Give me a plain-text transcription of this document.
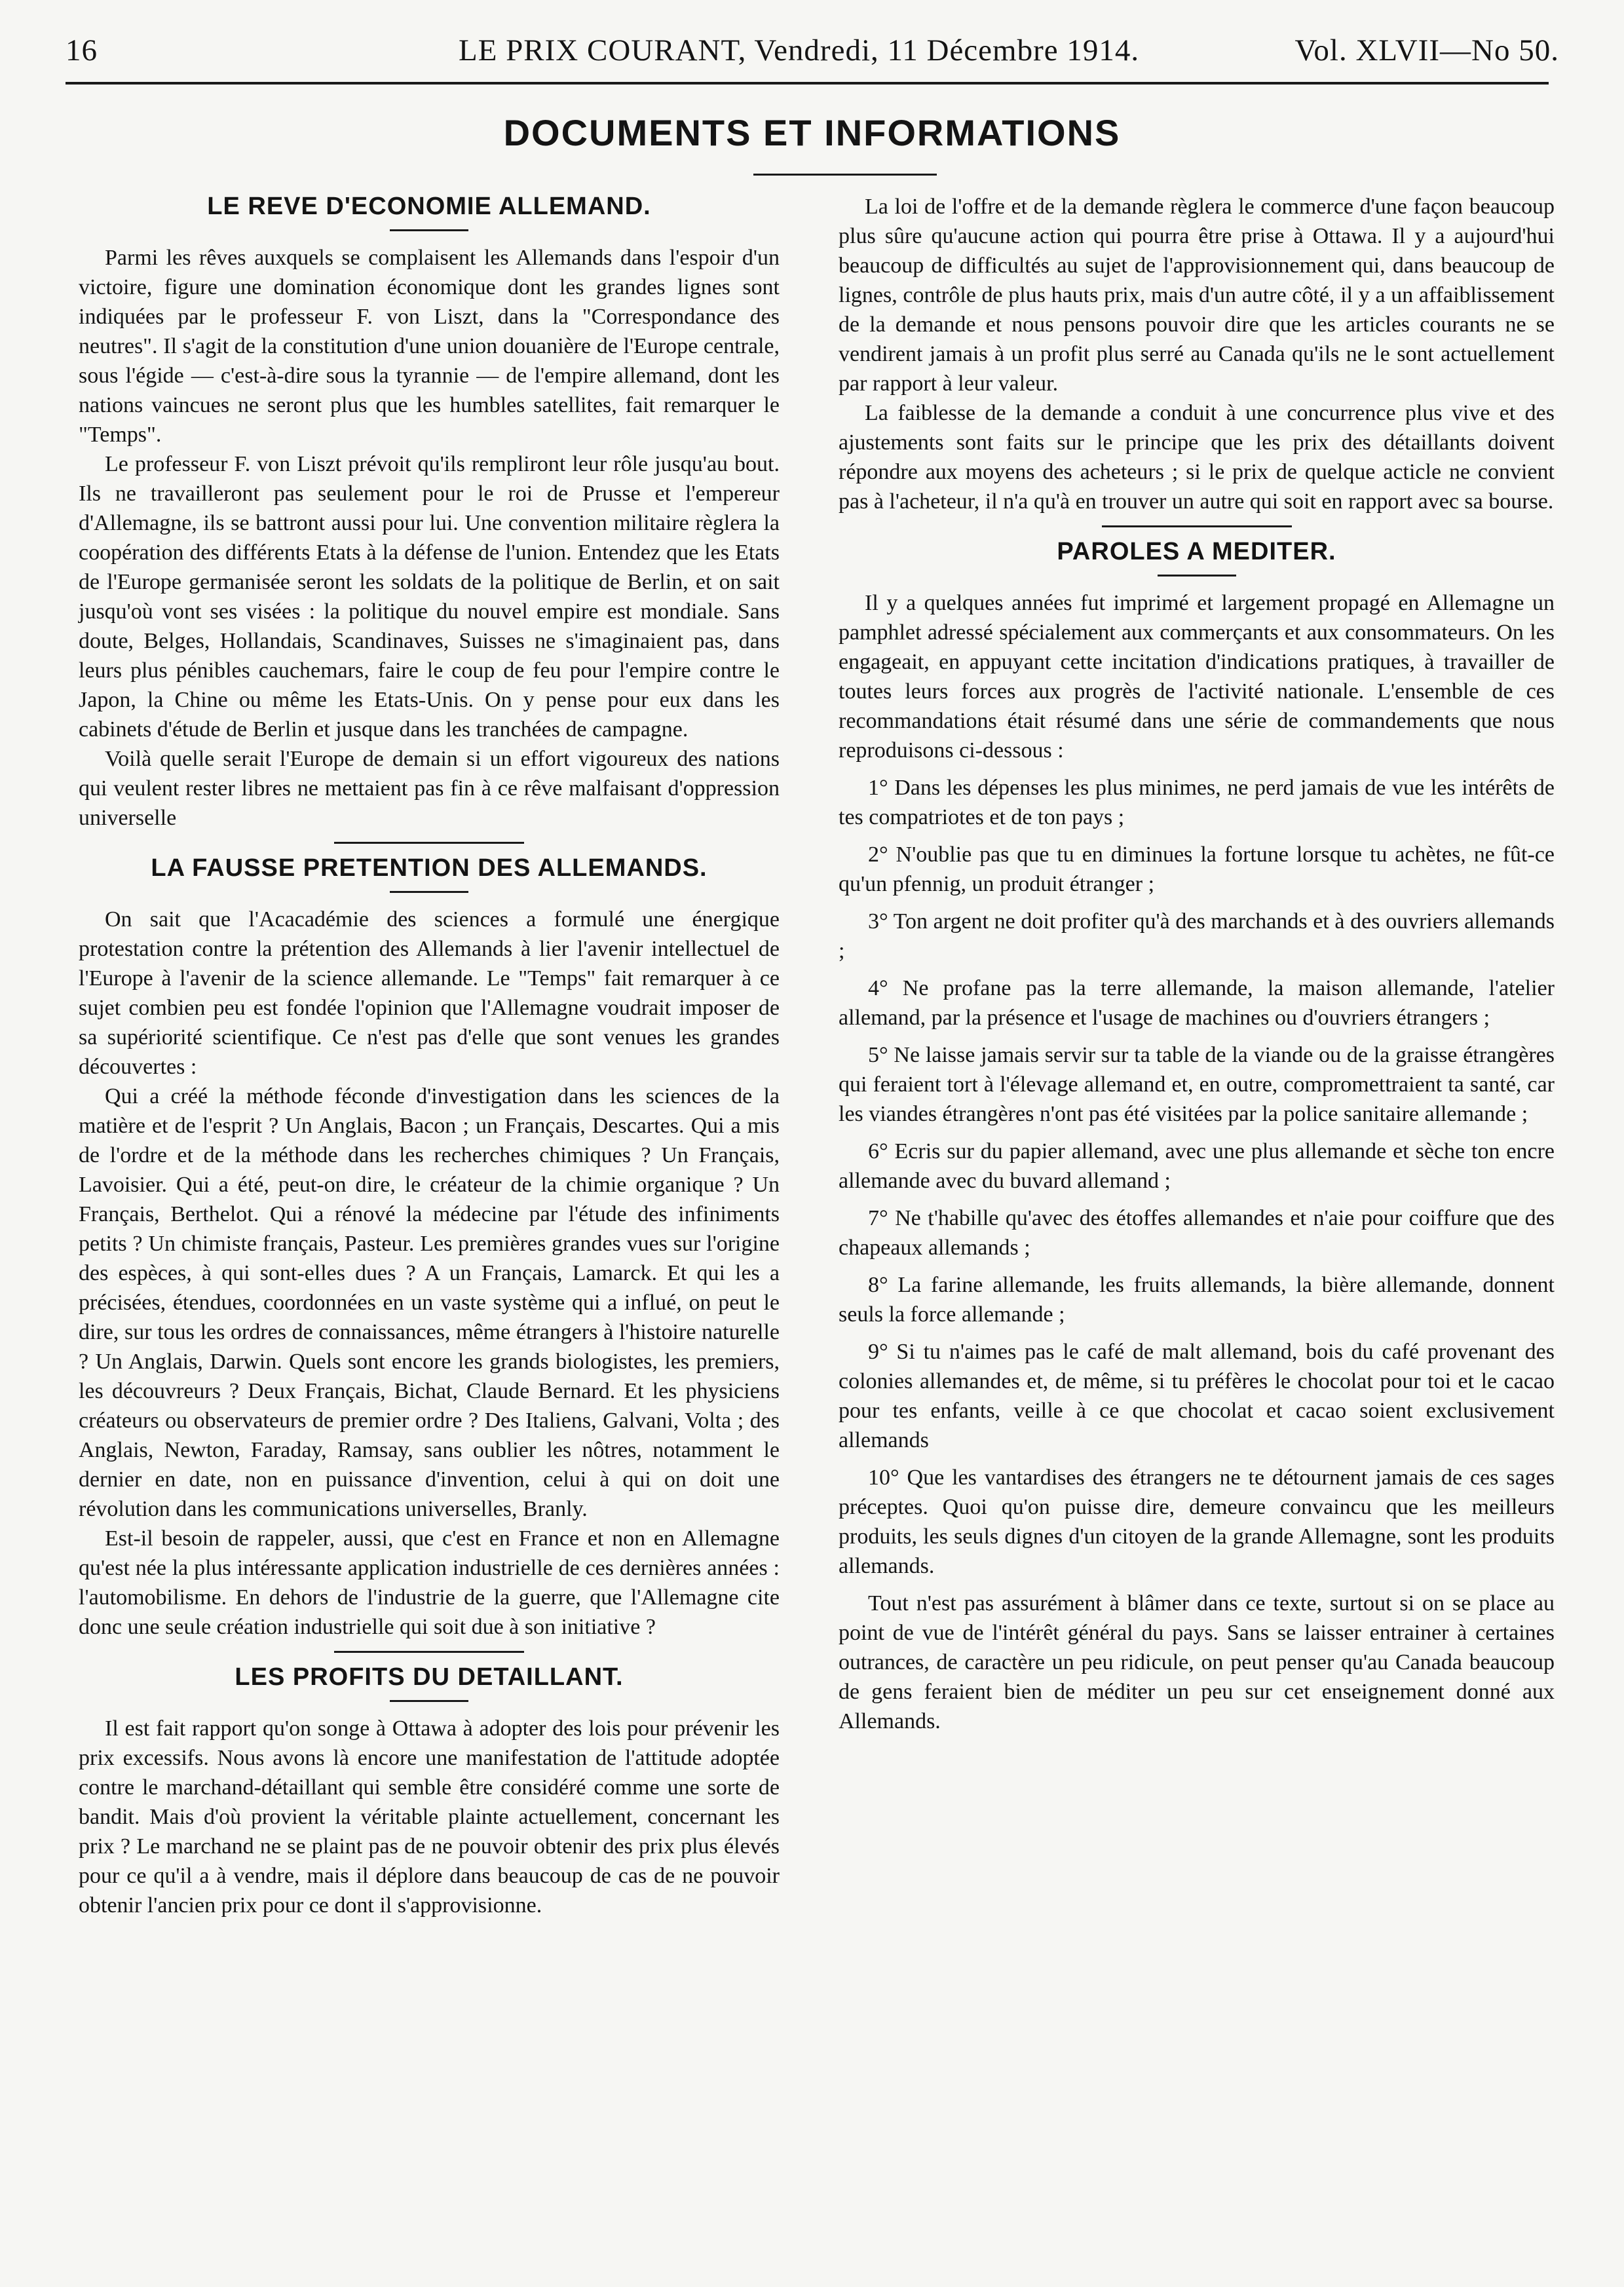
16	LE PRIX COURANT, Vendredi, 11 Décembre 1914.	Vol. XLVII—No 50.
DOCUMENTS ET INFORMATIONS
LE REVE D'ECONOMIE ALLEMAND.

Parmi les rêves auxquels se complaisent les Allemands dans l'espoir d'un victoire, figure une domination économique dont les grandes lignes sont indiquées par le professeur F. von Liszt, dans la "Correspondance des neutres". Il s'agit de la constitution d'une union douanière de l'Europe centrale, sous l'égide — c'est-à-dire sous la tyrannie — de l'empire allemand, dont les nations vaincues ne seront plus que les humbles satellites, fait remarquer le "Temps".

Le professeur F. von Liszt prévoit qu'ils rempliront leur rôle jusqu'au bout. Ils ne travailleront pas seulement pour le roi de Prusse et l'empereur d'Allemagne, ils se battront aussi pour lui. Une convention militaire règlera la coopération des différents Etats à la défense de l'union. Entendez que les Etats de l'Europe germanisée seront les soldats de la politique de Berlin, et on sait jusqu'où vont ses visées : la politique du nouvel empire est mondiale. Sans doute, Belges, Hollandais, Scandinaves, Suisses ne s'imaginaient pas, dans leurs plus pénibles cauchemars, faire le coup de feu pour l'empire contre le Japon, la Chine ou même les Etats-Unis. On y pense pour eux dans les cabinets d'étude de Berlin et jusque dans les tranchées de campagne.

Voilà quelle serait l'Europe de demain si un effort vigoureux des nations qui veulent rester libres ne mettaient pas fin à ce rêve malfaisant d'oppression universelle

LA FAUSSE PRETENTION DES ALLEMANDS.

On sait que l'Acacadémie des sciences a formulé une énergique protestation contre la prétention des Allemands à lier l'avenir intellectuel de l'Europe à l'avenir de la science allemande. Le "Temps" fait remarquer à ce sujet combien peu est fondée l'opinion que l'Allemagne voudrait imposer de sa supériorité scientifique. Ce n'est pas d'elle que sont venues les grandes découvertes :

Qui a créé la méthode féconde d'investigation dans les sciences de la matière et de l'esprit ? Un Anglais, Bacon ; un Français, Descartes. Qui a mis de l'ordre et de la méthode dans les recherches chimiques ? Un Français, Lavoisier. Qui a été, peut-on dire, le créateur de la chimie organique ? Un Français, Berthelot. Qui a rénové la médecine par l'étude des infiniments petits ? Un chimiste français, Pasteur. Les premières grandes vues sur l'origine des espèces, à qui sont-elles dues ? A un Français, Lamarck. Et qui les a précisées, étendues, coordonnées en un vaste système qui a influé, on peut le dire, sur tous les ordres de connaissances, même étrangers à l'histoire naturelle ? Un Anglais, Darwin. Quels sont encore les grands biologistes, les premiers, les découvreurs ? Deux Français, Bichat, Claude Bernard. Et les physiciens créateurs ou observateurs de premier ordre ? Des Italiens, Galvani, Volta ; des Anglais, Newton, Faraday, Ramsay, sans oublier les nôtres, notamment le dernier en date, non en puissance d'invention, celui à qui on doit une révolution dans les communications universelles, Branly.

Est-il besoin de rappeler, aussi, que c'est en France et non en Allemagne qu'est née la plus intéressante application industrielle de ces dernières années : l'automobilisme. En dehors de l'industrie de la guerre, que l'Allemagne cite donc une seule création industrielle qui soit due à son initiative ?

LES PROFITS DU DETAILLANT.

Il est fait rapport qu'on songe à Ottawa à adopter des lois pour prévenir les prix excessifs. Nous avons là encore une manifestation de l'attitude adoptée contre le marchand-détaillant qui semble être considéré comme une sorte de bandit. Mais d'où provient la véritable plainte actuellement, concernant les prix ? Le marchand ne se plaint pas de ne pouvoir obtenir des prix plus élevés pour ce qu'il a à vendre, mais il déplore dans beaucoup de cas de ne pouvoir obtenir l'ancien prix pour ce dont il s'approvisionne.

La loi de l'offre et de la demande règlera le commerce d'une façon beaucoup plus sûre qu'aucune action qui pourra être prise à Ottawa. Il y a aujourd'hui beaucoup de difficultés au sujet de l'approvisionnement qui, dans beaucoup de lignes, contrôle de plus hauts prix, mais d'un autre côté, il y a un affaiblissement de la demande et nous pensons pouvoir dire que les articles courants ne se vendirent jamais à un profit plus serré au Canada qu'ils ne le sont actuellement par rapport à leur valeur.

La faiblesse de la demande a conduit à une concurrence plus vive et des ajustements sont faits sur le principe que les prix des détaillants doivent répondre aux moyens des acheteurs ; si le prix de quelque acticle ne convient pas à l'acheteur, il n'a qu'à en trouver un autre qui soit en rapport avec sa bourse.

PAROLES A MEDITER.

Il y a quelques années fut imprimé et largement propagé en Allemagne un pamphlet adressé spécialement aux commerçants et aux consommateurs. On les engageait, en appuyant cette incitation d'indications pratiques, à travailler de toutes leurs forces aux progrès de l'activité nationale. L'ensemble de ces recommandations était résumé dans une série de commandements que nous reproduisons ci-dessous :

1° Dans les dépenses les plus minimes, ne perd jamais de vue les intérêts de tes compatriotes et de ton pays ;

2° N'oublie pas que tu en diminues la fortune lorsque tu achètes, ne fût-ce qu'un pfennig, un produit étranger ;

3° Ton argent ne doit profiter qu'à des marchands et à des ouvriers allemands ;

4° Ne profane pas la terre allemande, la maison allemande, l'atelier allemand, par la présence et l'usage de machines ou d'ouvriers étrangers ;

5° Ne laisse jamais servir sur ta table de la viande ou de la graisse étrangères qui feraient tort à l'élevage allemand et, en outre, compromettraient ta santé, car les viandes étrangères n'ont pas été visitées par la police sanitaire allemande ;

6° Ecris sur du papier allemand, avec une plus allemande et sèche ton encre allemande avec du buvard allemand ;

7° Ne t'habille qu'avec des étoffes allemandes et n'aie pour coiffure que des chapeaux allemands ;

8° La farine allemande, les fruits allemands, la bière allemande, donnent seuls la force allemande ;

9° Si tu n'aimes pas le café de malt allemand, bois du café provenant des colonies allemandes et, de même, si tu préfères le chocolat pour toi et le cacao pour tes enfants, veille à ce que chocolat et cacao soient exclusivement allemands

10° Que les vantardises des étrangers ne te détournent jamais de ces sages préceptes. Quoi qu'on puisse dire, demeure convaincu que les meilleurs produits, les seuls dignes d'un citoyen de la grande Allemagne, sont les produits allemands.

Tout n'est pas assurément à blâmer dans ce texte, surtout si on se place au point de vue de l'intérêt général du pays. Sans se laisser entrainer à certaines outrances, de caractère un peu ridicule, on peut penser qu'au Canada beaucoup de gens feraient bien de méditer un peu sur cet enseignement donné aux Allemands.
